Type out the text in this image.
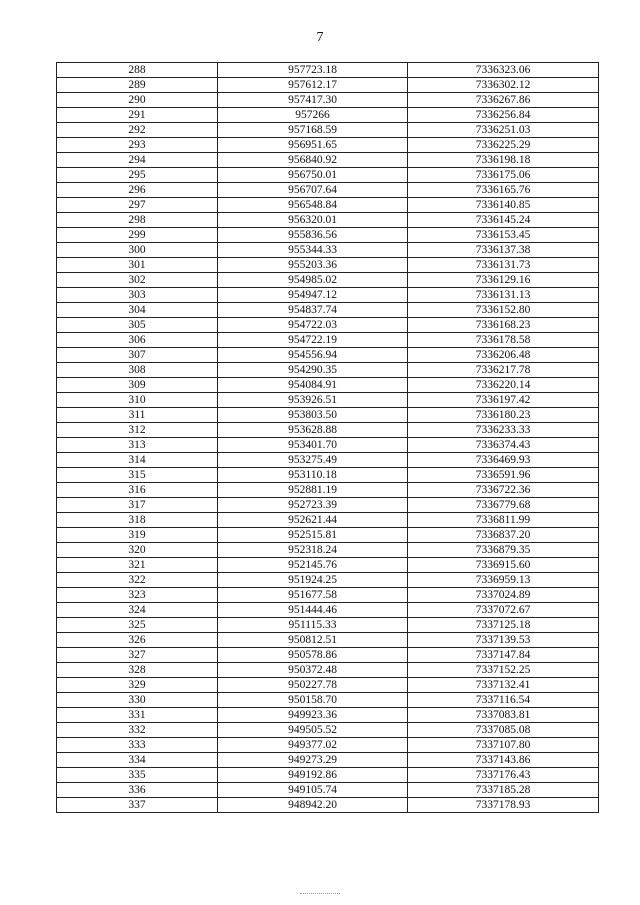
7
288	957723.18	7336323.06
289	957612.17	7336302.12
290	957417.30	7336267.86
291	957266	7336256.84
292	957168.59	7336251.03
293	956951.65	7336225.29
294	956840.92	7336198.18
295	956750.01	7336175.06
296	956707.64	7336165.76
297	956548.84	7336140.85
298	956320.01	7336145.24
299	955836.56	7336153.45
300	955344.33	7336137.38
301	955203.36	7336131.73
302	954985.02	7336129.16
303	954947.12	7336131.13
304	954837.74	7336152.80
305	954722.03	7336168.23
306	954722.19	7336178.58
307	954556.94	7336206.48
308	954290.35	7336217.78
309	954084.91	7336220.14
310	953926.51	7336197.42
311	953803.50	7336180.23
312	953628.88	7336233.33
313	953401.70	7336374.43
314	953275.49	7336469.93
315	953110.18	7336591.96
316	952881.19	7336722.36
317	952723.39	7336779.68
318	952621.44	7336811.99
319	952515.81	7336837.20
320	952318.24	7336879.35
321	952145.76	7336915.60
322	951924.25	7336959.13
323	951677.58	7337024.89
324	951444.46	7337072.67
325	951115.33	7337125.18
326	950812.51	7337139.53
327	950578.86	7337147.84
328	950372.48	7337152.25
329	950227.78	7337132.41
330	950158.70	7337116.54
331	949923.36	7337083.81
332	949505.52	7337085.08
333	949377.02	7337107.80
334	949273.29	7337143.86
335	949192.86	7337176.43
336	949105.74	7337185.28
337	948942.20	7337178.93
